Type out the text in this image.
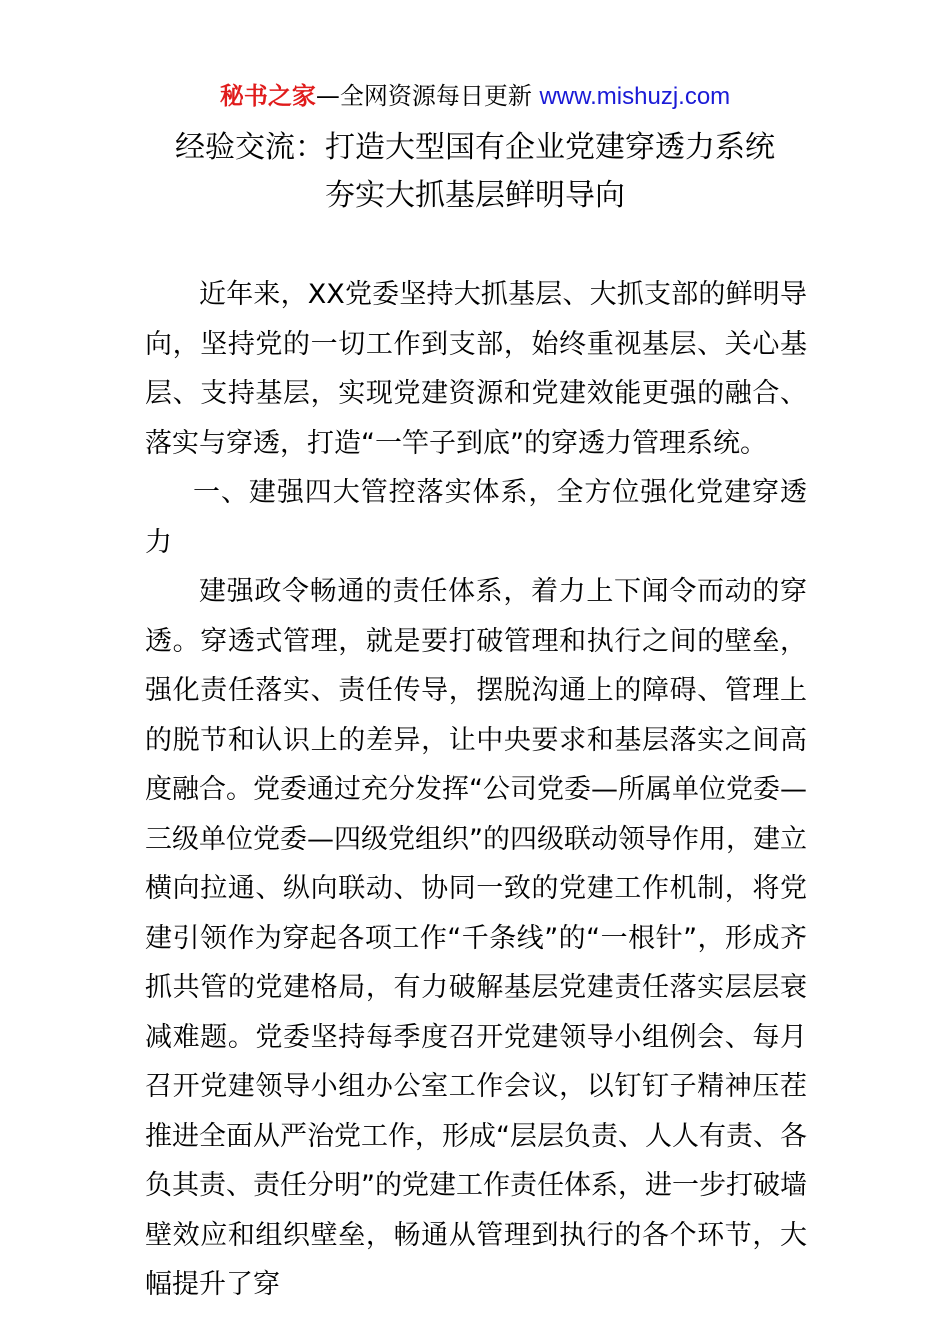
秘书之家—全网资源每日更新 www.mishuzj.com
经验交流：打造大型国有企业党建穿透力系统
夯实大抓基层鲜明导向

近年来，XX党委坚持大抓基层、大抓支部的鲜明导向，坚持党的一切工作到支部，始终重视基层、关心基层、支持基层，实现党建资源和党建效能更强的融合、落实与穿透，打造“一竿子到底”的穿透力管理系统。

一、建强四大管控落实体系，全方位强化党建穿透力

建强政令畅通的责任体系，着力上下闻令而动的穿透。穿透式管理，就是要打破管理和执行之间的壁垒，强化责任落实、责任传导，摆脱沟通上的障碍、管理上的脱节和认识上的差异，让中央要求和基层落实之间高度融合。党委通过充分发挥“公司党委—所属单位党委—三级单位党委—四级党组织”的四级联动领导作用，建立横向拉通、纵向联动、协同一致的党建工作机制，将党建引领作为穿起各项工作“千条线”的“一根针”，形成齐抓共管的党建格局，有力破解基层党建责任落实层层衰减难题。党委坚持每季度召开党建领导小组例会、每月召开党建领导小组办公室工作会议，以钉钉子精神压茬推进全面从严治党工作，形成“层层负责、人人有责、各负其责、责任分明”的党建工作责任体系，进一步打破墙壁效应和组织壁垒，畅通从管理到执行的各个环节，大幅提升了穿
